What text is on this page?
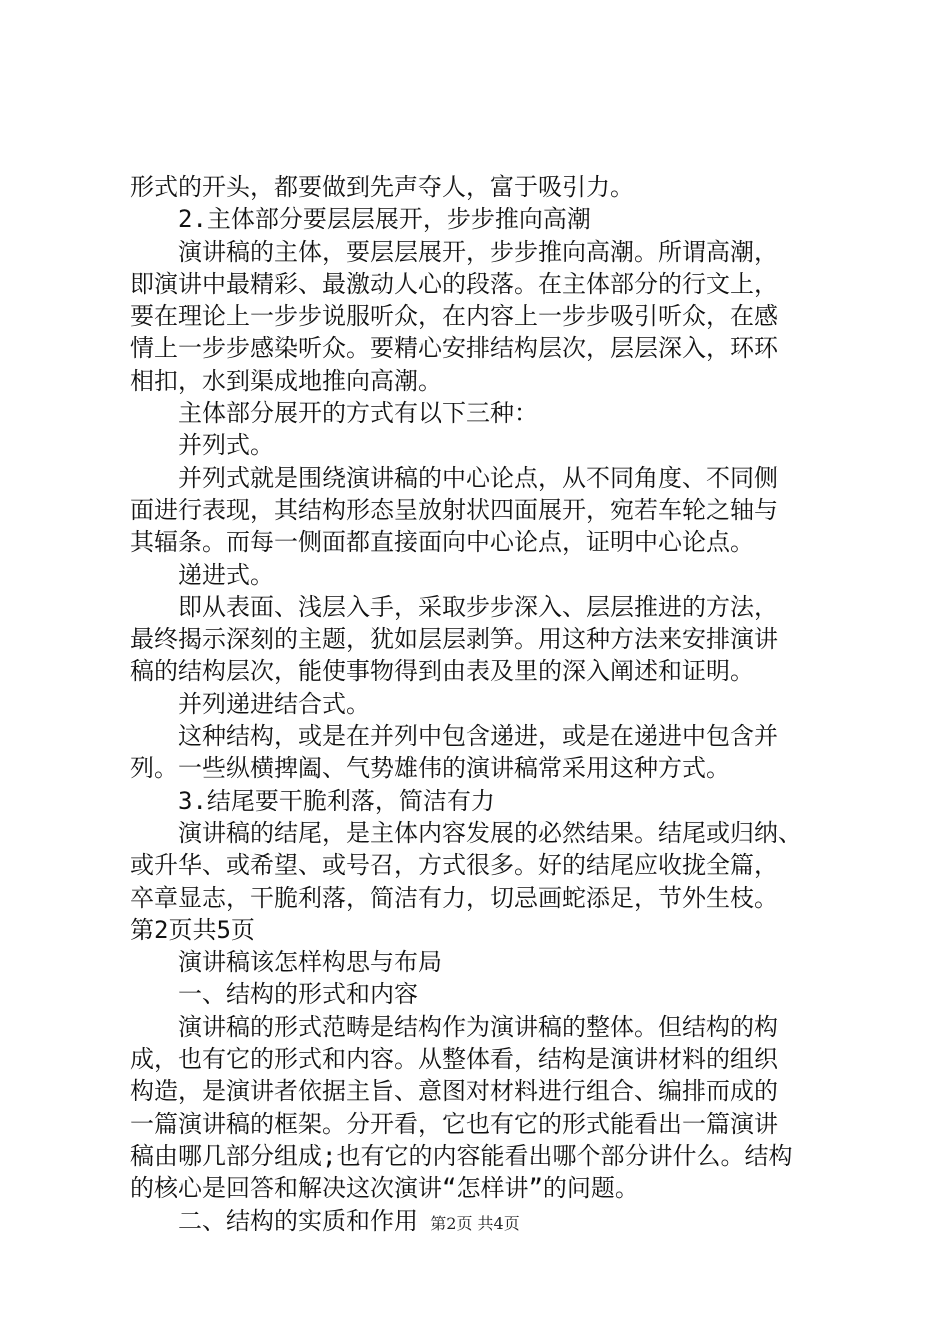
形式的开头，都要做到先声夺人，富于吸引力。
2.主体部分要层层展开，步步推向高潮
演讲稿的主体，要层层展开，步步推向高潮。所谓高潮，
即演讲中最精彩、最激动人心的段落。在主体部分的行文上，
要在理论上一步步说服听众，在内容上一步步吸引听众，在感
情上一步步感染听众。要精心安排结构层次，层层深入，环环
相扣，水到渠成地推向高潮。
主体部分展开的方式有以下三种：
并列式。
并列式就是围绕演讲稿的中心论点，从不同角度、不同侧
面进行表现，其结构形态呈放射状四面展开，宛若车轮之轴与
其辐条。而每一侧面都直接面向中心论点，证明中心论点。
递进式。
即从表面、浅层入手，采取步步深入、层层推进的方法，
最终揭示深刻的主题，犹如层层剥笋。用这种方法来安排演讲
稿的结构层次，能使事物得到由表及里的深入阐述和证明。
并列递进结合式。
这种结构，或是在并列中包含递进，或是在递进中包含并
列。一些纵横捭阖、气势雄伟的演讲稿常采用这种方式。
3.结尾要干脆利落，简洁有力
演讲稿的结尾，是主体内容发展的必然结果。结尾或归纳、
或升华、或希望、或号召，方式很多。好的结尾应收拢全篇，
卒章显志，干脆利落，简洁有力，切忌画蛇添足，节外生枝。
第2页共5页
演讲稿该怎样构思与布局
一、结构的形式和内容
演讲稿的形式范畴是结构作为演讲稿的整体。但结构的构
成，也有它的形式和内容。从整体看，结构是演讲材料的组织
构造，是演讲者依据主旨、意图对材料进行组合、编排而成的
一篇演讲稿的框架。分开看，它也有它的形式能看出一篇演讲
稿由哪几部分组成;也有它的内容能看出哪个部分讲什么。结构
的核心是回答和解决这次演讲“怎样讲”的问题。
二、结构的实质和作用 第2页 共4页
